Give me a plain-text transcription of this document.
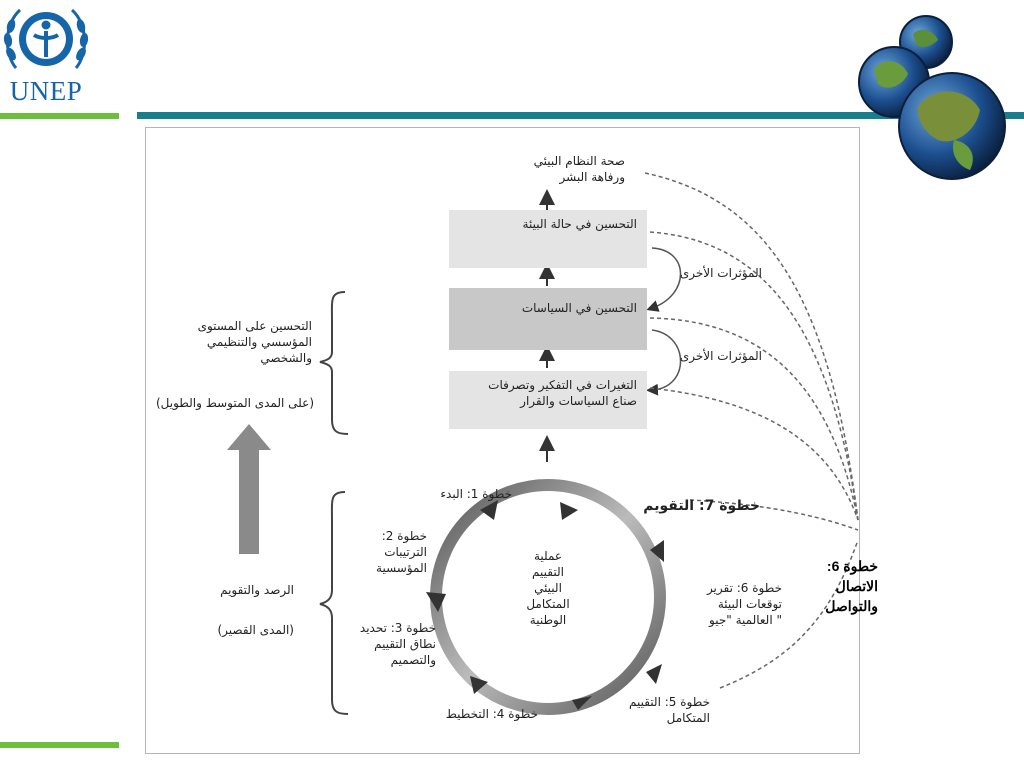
UNEP
صحة النظام البيئي
ورفاهة البشر
التحسين في حالة البيئة
التحسين في السياسات
التغيرات في التفكير وتصرفات
صناع السياسات والقرار
المؤثرات الأخرى
المؤثرات الأخرى
التحسين على المستوى
المؤسسي والتنظيمي
والشخصي
(على المدى المتوسط والطويل)
الرصد والتقويم
(المدى القصير)
عملية
التقييم
البيئي
المتكامل
الوطنية
خطوة 1: البدء
خطوة 2:
الترتيبات
المؤسسية
خطوة 3: تحديد
نطاق التقييم
والتصميم
خطوة 4: التخطيط
خطوة 5: التقييم
المتكامل
خطوة 6: تقرير
توقعات البيئة
" العالمية "جيو
خطوة 7: التقويم
خطوة 6:
الاتصال
والتواصل
